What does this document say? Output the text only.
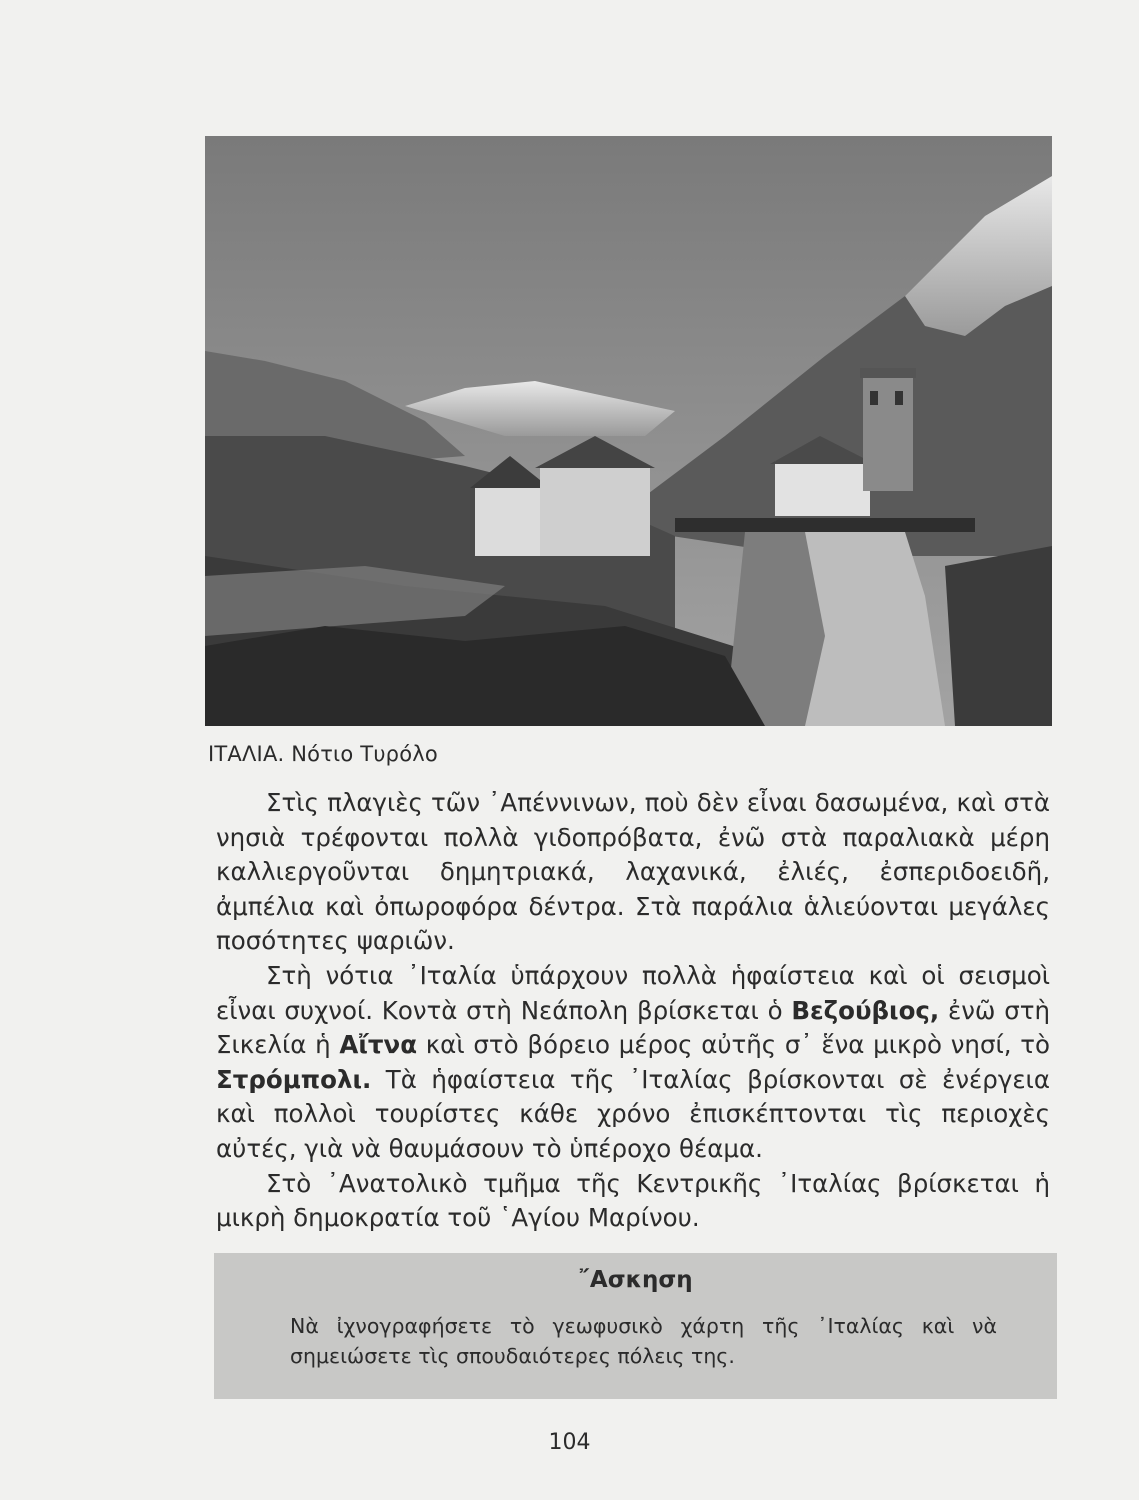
ΙΤΑΛΙΑ. Νότιο Τυρόλο

Στὶς πλαγιὲς τῶν ᾿Απέννινων, ποὺ δὲν εἶναι δασωμένα, καὶ στὰ νησιὰ τρέφονται πολλὰ γιδοπρόβατα, ἐνῶ στὰ παραλιακὰ μέρη καλλιεργοῦνται δημητριακά, λαχανικά, ἐλιές, ἐσπεριδοειδῆ, ἀμπέλια καὶ ὀπωροφόρα δέντρα. Στὰ παράλια ἁλιεύονται μεγάλες ποσότητες ψαριῶν.

Στὴ νότια ᾿Ιταλία ὑπάρχουν πολλὰ ἡφαίστεια καὶ οἱ σεισμοὶ εἶναι συχνοί. Κοντὰ στὴ Νεάπολη βρίσκεται ὁ Βεζούβιος, ἐνῶ στὴ Σικελία ἡ Αἴτνα καὶ στὸ βόρειο μέρος αὐτῆς σ᾿ ἕνα μικρὸ νησί, τὸ Στρόμπολι. Τὰ ἡφαίστεια τῆς ᾿Ιταλίας βρίσκονται σὲ ἐνέργεια καὶ πολλοὶ τουρίστες κάθε χρόνο ἐπισκέπτονται τὶς περιοχὲς αὐτές, γιὰ νὰ θαυμάσουν τὸ ὑπέροχο θέαμα.

Στὸ ᾿Ανατολικὸ τμῆμα τῆς Κεντρικῆς ᾿Ιταλίας βρίσκεται ἡ μικρὴ δημοκρατία τοῦ ῾Αγίου Μαρίνου.

῎Ασκηση
Νὰ ἰχνογραφήσετε τὸ γεωφυσικὸ χάρτη τῆς ᾿Ιταλίας καὶ νὰ σημειώσετε τὶς σπουδαιότερες πόλεις της.
104
